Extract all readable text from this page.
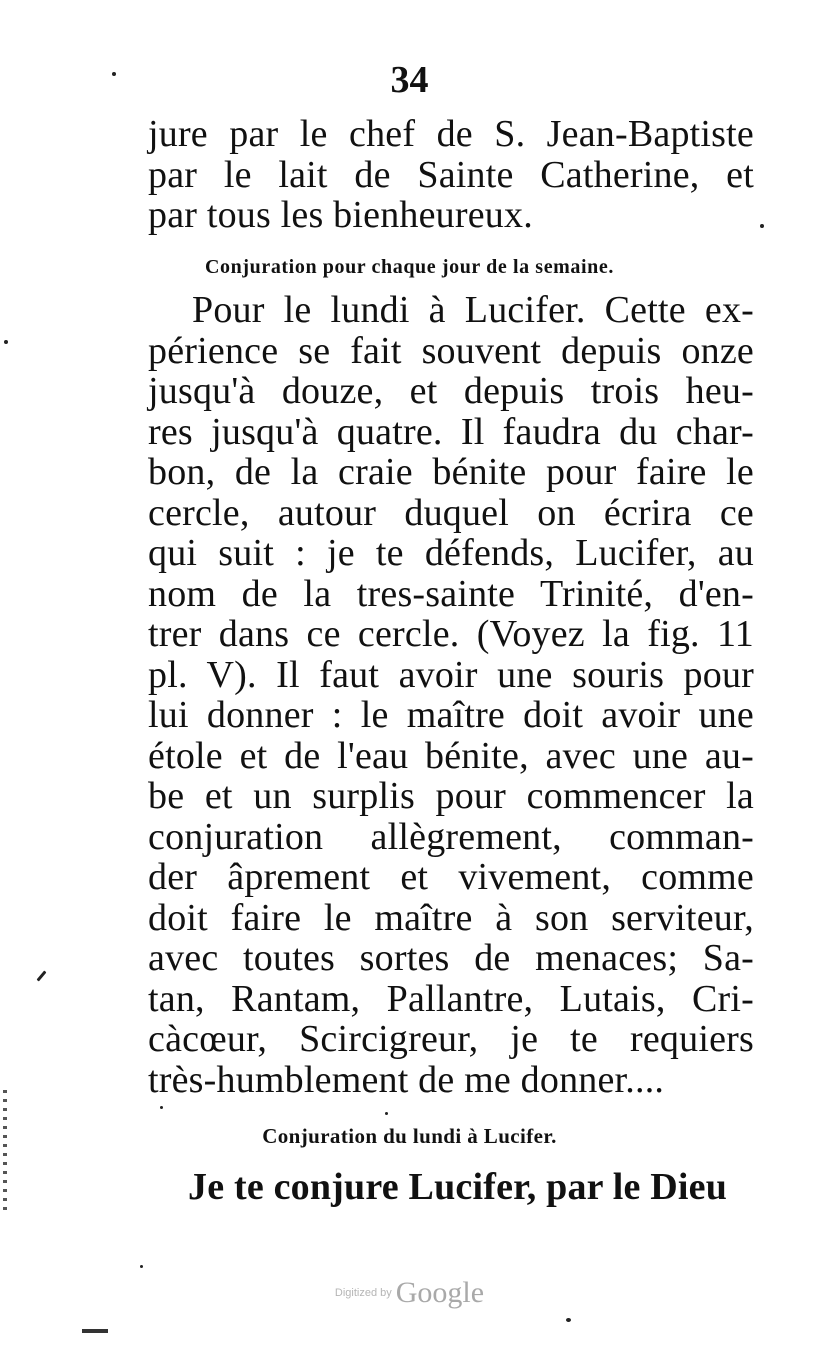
34
jure par le chef de S. Jean-Baptiste
par le lait de Sainte Catherine, et
par tous les bienheureux.

Conjuration pour chaque jour de la semaine.

Pour le lundi à Lucifer. Cette ex-
périence se fait souvent depuis onze
jusqu'à douze, et depuis trois heu-
res jusqu'à quatre. Il faudra du char-
bon, de la craie bénite pour faire le
cercle, autour duquel on écrira ce
qui suit : je te défends, Lucifer, au
nom de la tres-sainte Trinité, d'en-
trer dans ce cercle. (Voyez la fig. 11
pl. V). Il faut avoir une souris pour
lui donner : le maître doit avoir une
étole et de l'eau bénite, avec une au-
be et un surplis pour commencer la
conjuration allègrement, comman-
der âprement et vivement, comme
doit faire le maître à son serviteur,
avec toutes sortes de menaces; Sa-
tan, Rantam, Pallantre, Lutais, Cri-
càcœur, Scircigreur, je te requiers
très-humblement de me donner....

Conjuration du lundi à Lucifer.

Je te conjure Lucifer, par le Dieu
Digitized by Google
